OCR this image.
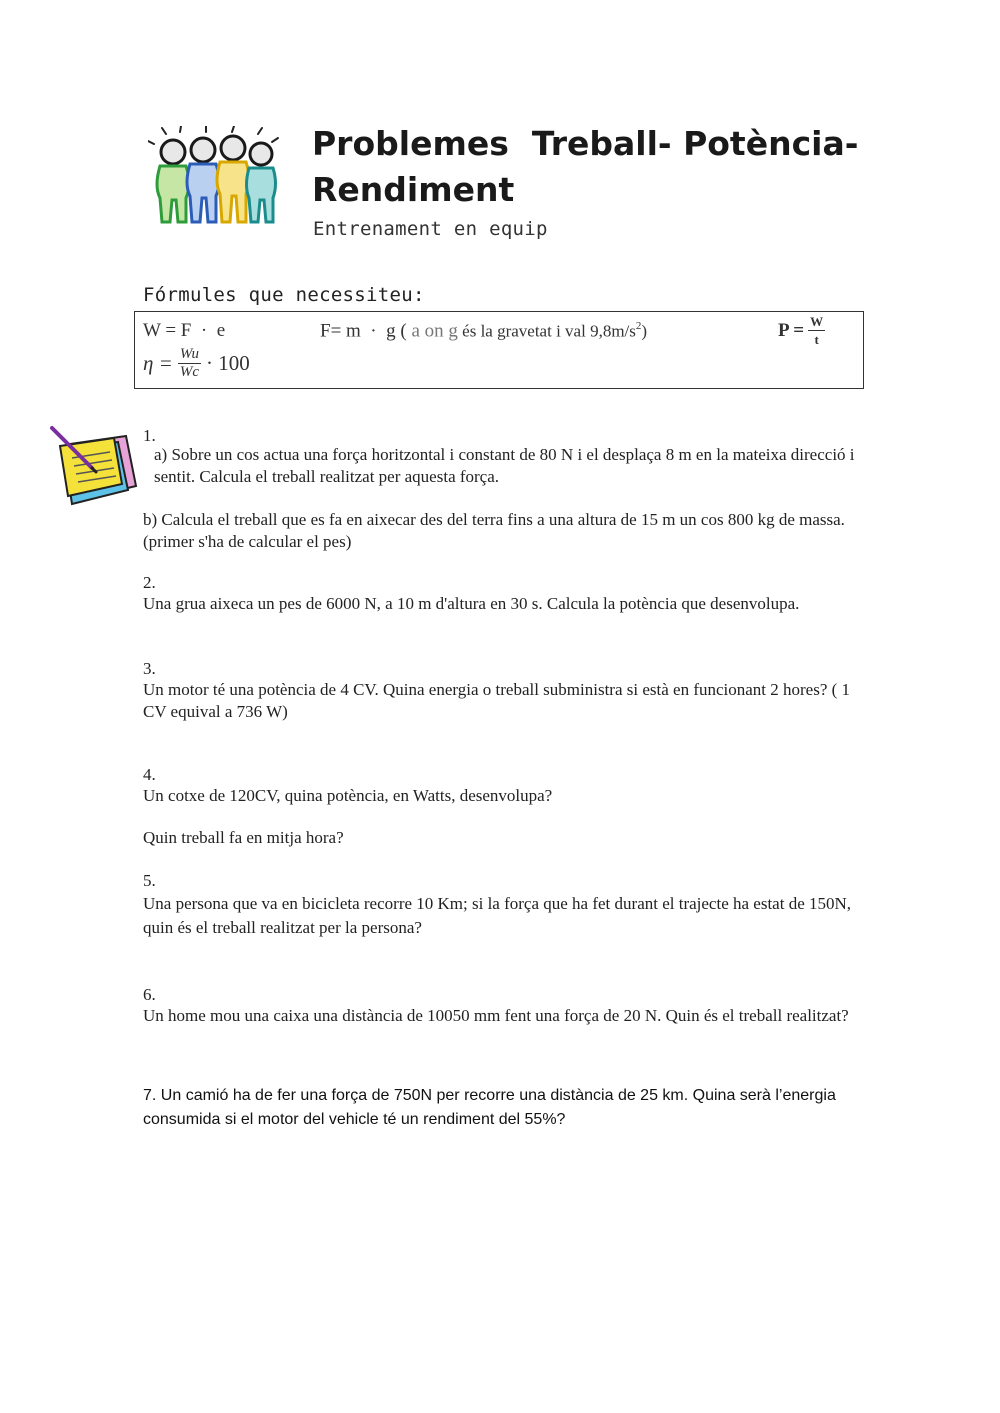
Problemes  Treball- Potència-
Rendiment
Entrenament en equip
Fórmules que necessiteu:
W = F  ·  e	F= m  ·  g ( a on g és la gravetat i val $9,8m/s^2$)	$P = \frac{W}{t}$
$\eta = \frac{Wu}{Wc} \cdot 100$
1.
a) Sobre un cos actua una força horitzontal i constant de 80 N i el desplaça 8 m en la mateixa direcció i sentit. Calcula el treball realitzat per aquesta força.
b) Calcula el treball que es fa en aixecar des del terra fins a una altura de 15 m un cos 800 kg de massa. (primer s'ha de calcular el pes)
2.
Una grua aixeca un pes de 6000 N, a 10 m d'altura en 30 s. Calcula la potència que desenvolupa.
3.
Un motor té una potència de 4 CV. Quina energia o treball subministra si està en funcionant 2 hores? ( 1 CV equival a 736 W)
4.
Un cotxe de 120CV, quina potència, en Watts, desenvolupa?
Quin treball fa en mitja hora?
5.
Una persona que va en bicicleta recorre 10 Km; si la força que ha fet durant el trajecte ha estat de 150N, quin és el treball realitzat per la persona?
6.
Un home mou una caixa una distància de 10050 mm fent una força de 20 N. Quin és el treball realitzat?
7. Un camió ha de fer una força de 750N per recorre una distància de 25 km. Quina serà l’energia consumida si el motor del vehicle té un rendiment del 55%?
